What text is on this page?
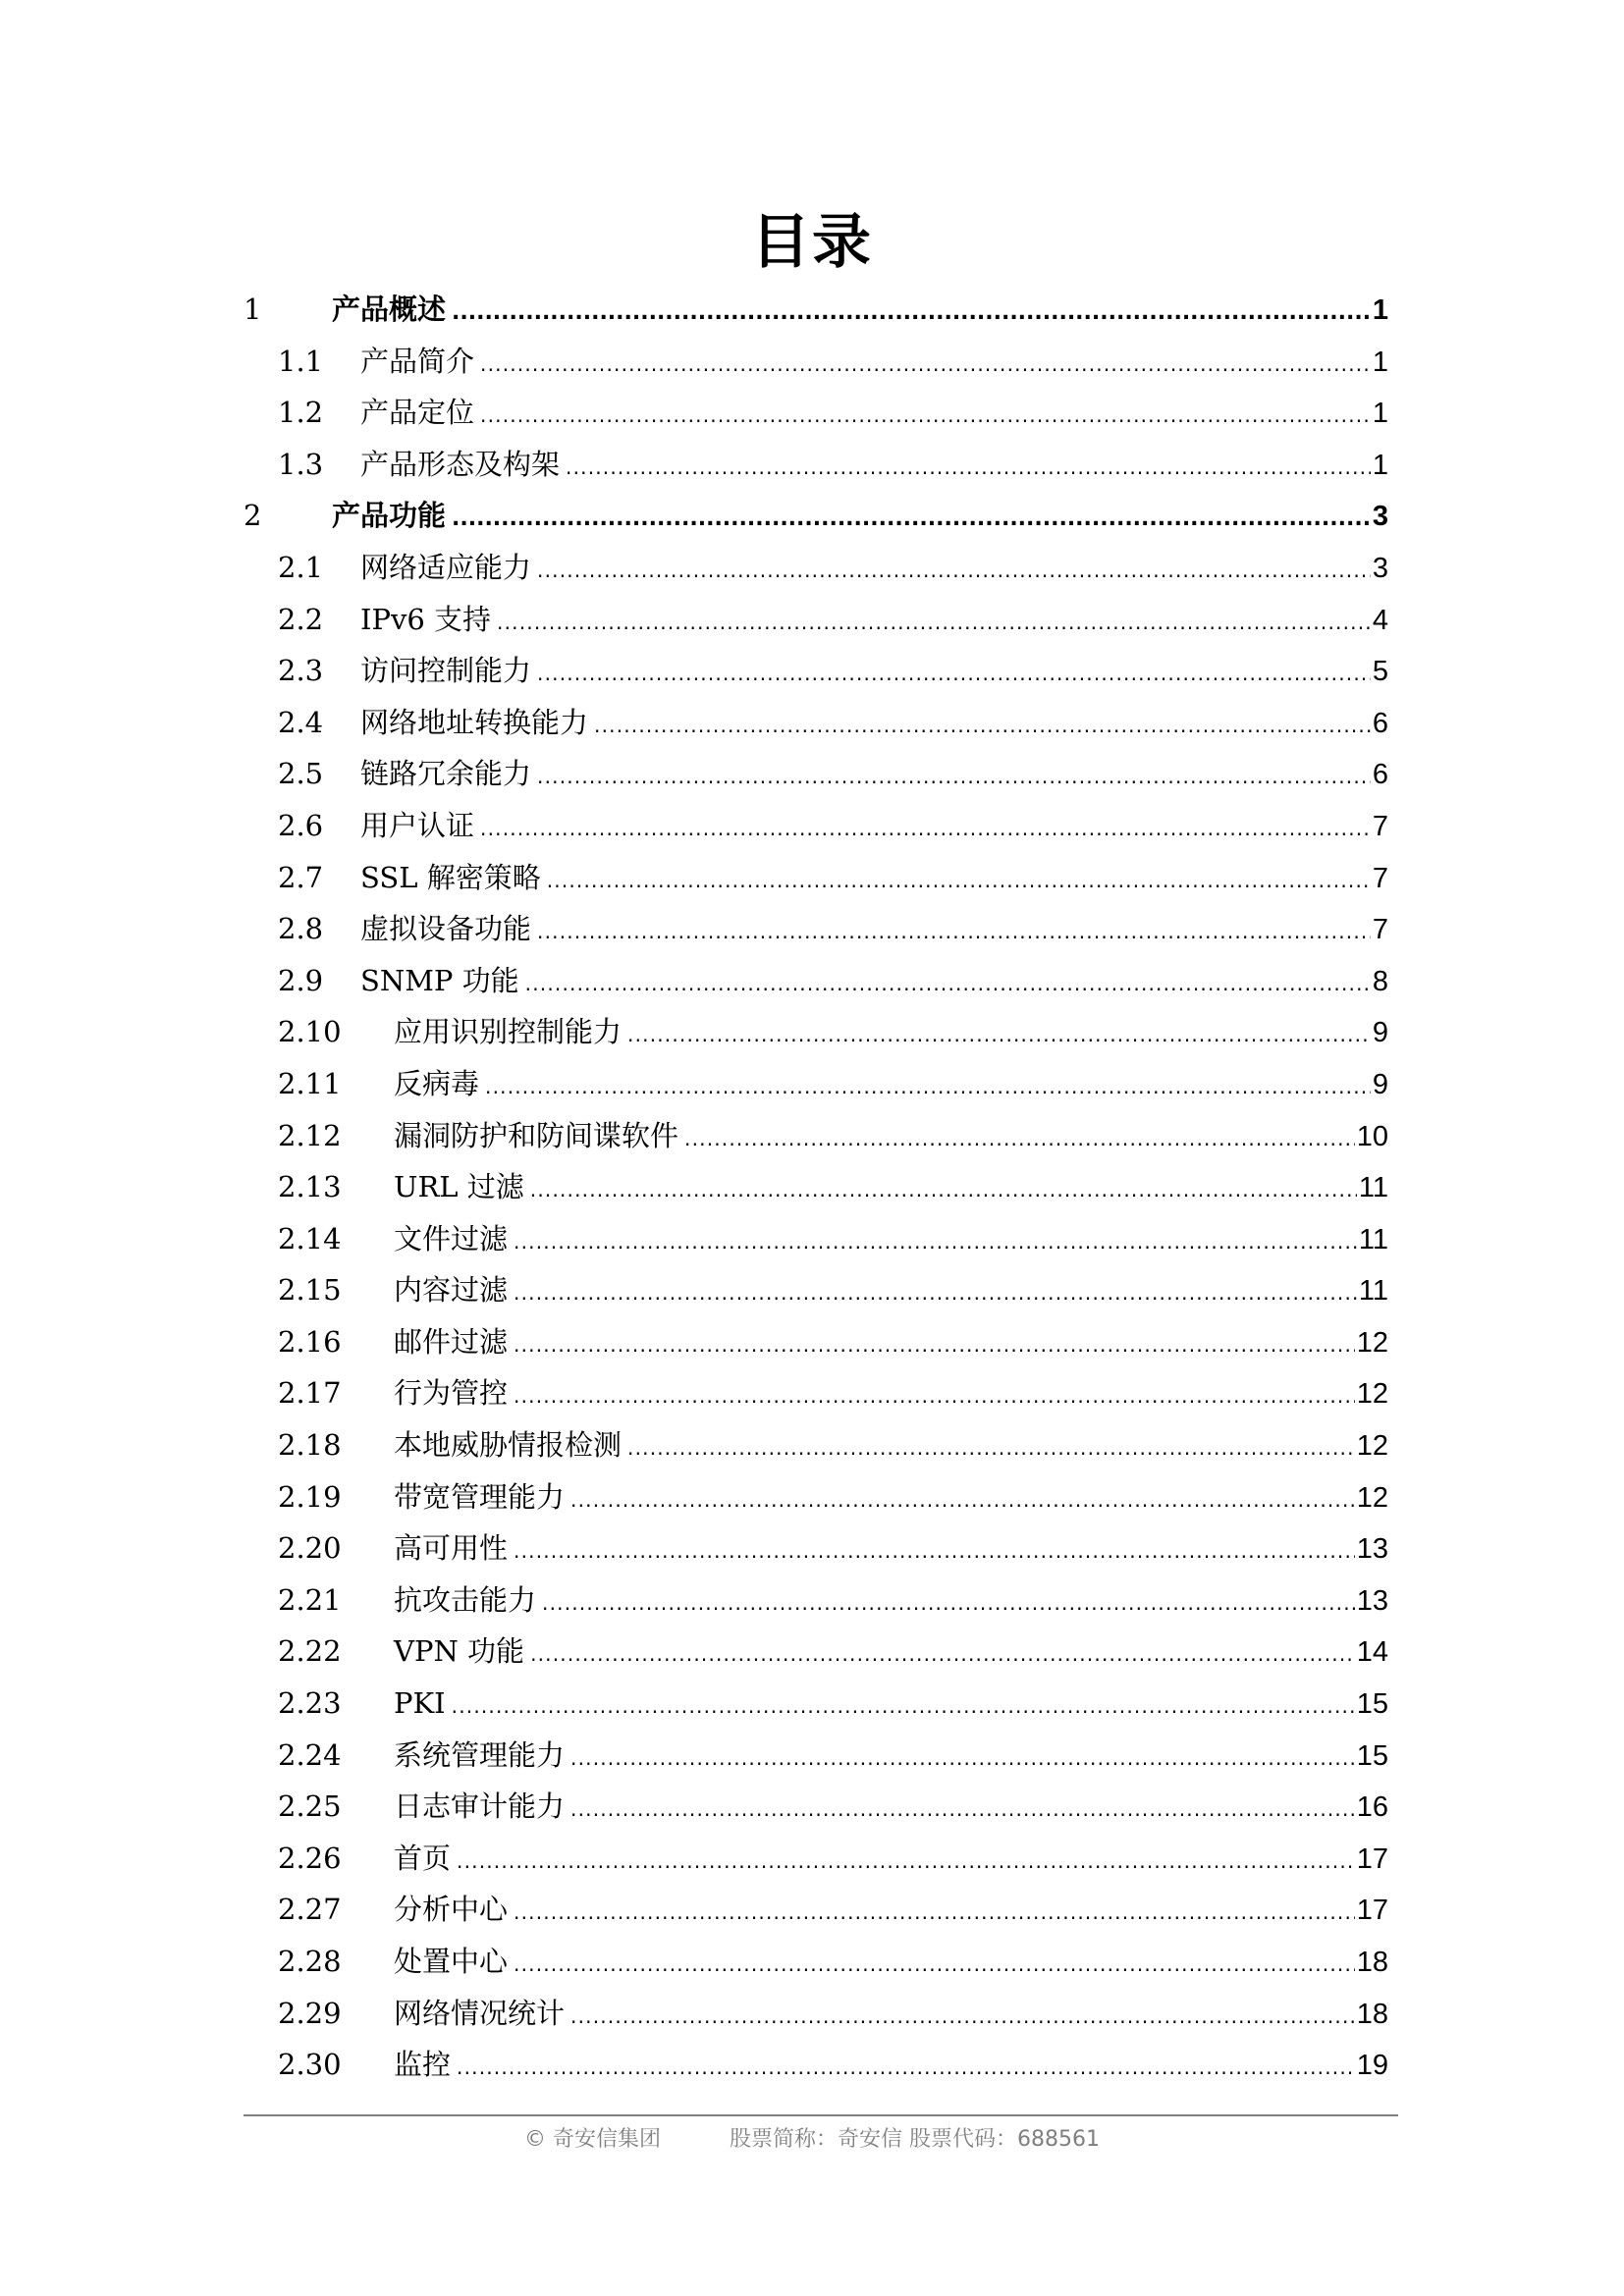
目录
1	产品概述 .....	1
1.1	产品简介 .....	1
1.2	产品定位 .....	1
1.3	产品形态及构架 .....	1
2	产品功能 .....	3
2.1	网络适应能力 .....	3
2.2	IPv6 支持 .....	4
2.3	访问控制能力 .....	5
2.4	网络地址转换能力 .....	6
2.5	链路冗余能力 .....	6
2.6	用户认证 .....	7
2.7	SSL 解密策略 .....	7
2.8	虚拟设备功能 .....	7
2.9	SNMP 功能 .....	8
2.10	应用识别控制能力 .....	9
2.11	反病毒 .....	9
2.12	漏洞防护和防间谍软件 .....	10
2.13	URL 过滤 .....	11
2.14	文件过滤 .....	11
2.15	内容过滤 .....	11
2.16	邮件过滤 .....	12
2.17	行为管控 .....	12
2.18	本地威胁情报检测 .....	12
2.19	带宽管理能力 .....	12
2.20	高可用性 .....	13
2.21	抗攻击能力 .....	13
2.22	VPN 功能 .....	14
2.23	PKI .....	15
2.24	系统管理能力 .....	15
2.25	日志审计能力 .....	16
2.26	首页 .....	17
2.27	分析中心 .....	17
2.28	处置中心 .....	18
2.29	网络情况统计 .....	18
2.30	监控 .....	19
© 奇安信集团	股票简称：奇安信 股票代码：688561
